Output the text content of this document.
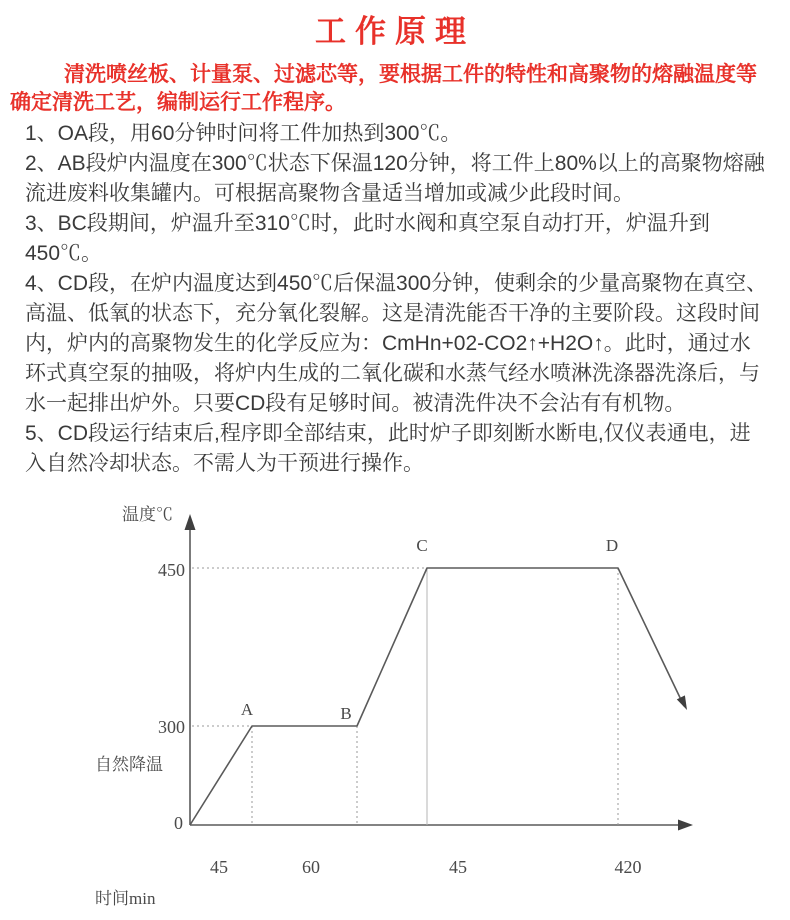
工作原理

清洗喷丝板、计量泵、过滤芯等，要根据工件的特性和高聚物的熔融温度等确定清洗工艺，编制运行工作程序。

1、OA段，用60分钟时问将工件加热到300℃。

2、AB段炉内温度在300℃状态下保温120分钟，将工件上80%以上的高聚物熔融流进废料收集罐内。可根据高聚物含量适当增加或减少此段时间。

3、BC段期间，炉温升至310℃时，此时水阀和真空泵自动打开，炉温升到450℃。

4、CD段，在炉内温度达到450℃后保温300分钟，使剩余的少量高聚物在真空、高温、低氧的状态下，充分氧化裂解。这是清洗能否干净的主要阶段。这段时间内，炉内的高聚物发生的化学反应为：CmHn+02-CO2↑+H2O↑。此时，通过水环式真空泵的抽吸，将炉内生成的二氧化碳和水蒸气经水喷淋洗涤器洗涤后，与水一起排出炉外。只要CD段有足够时间。被清洗件决不会沾有有机物。

5、CD段运行结束后,程序即全部结束，此时炉子即刻断水断电,仅仪表通电，进入自然冷却状态。不需人为干预进行操作。

温度℃
450
300
0
自然降温
A	B
C	D
45	60	45	420
时间min
